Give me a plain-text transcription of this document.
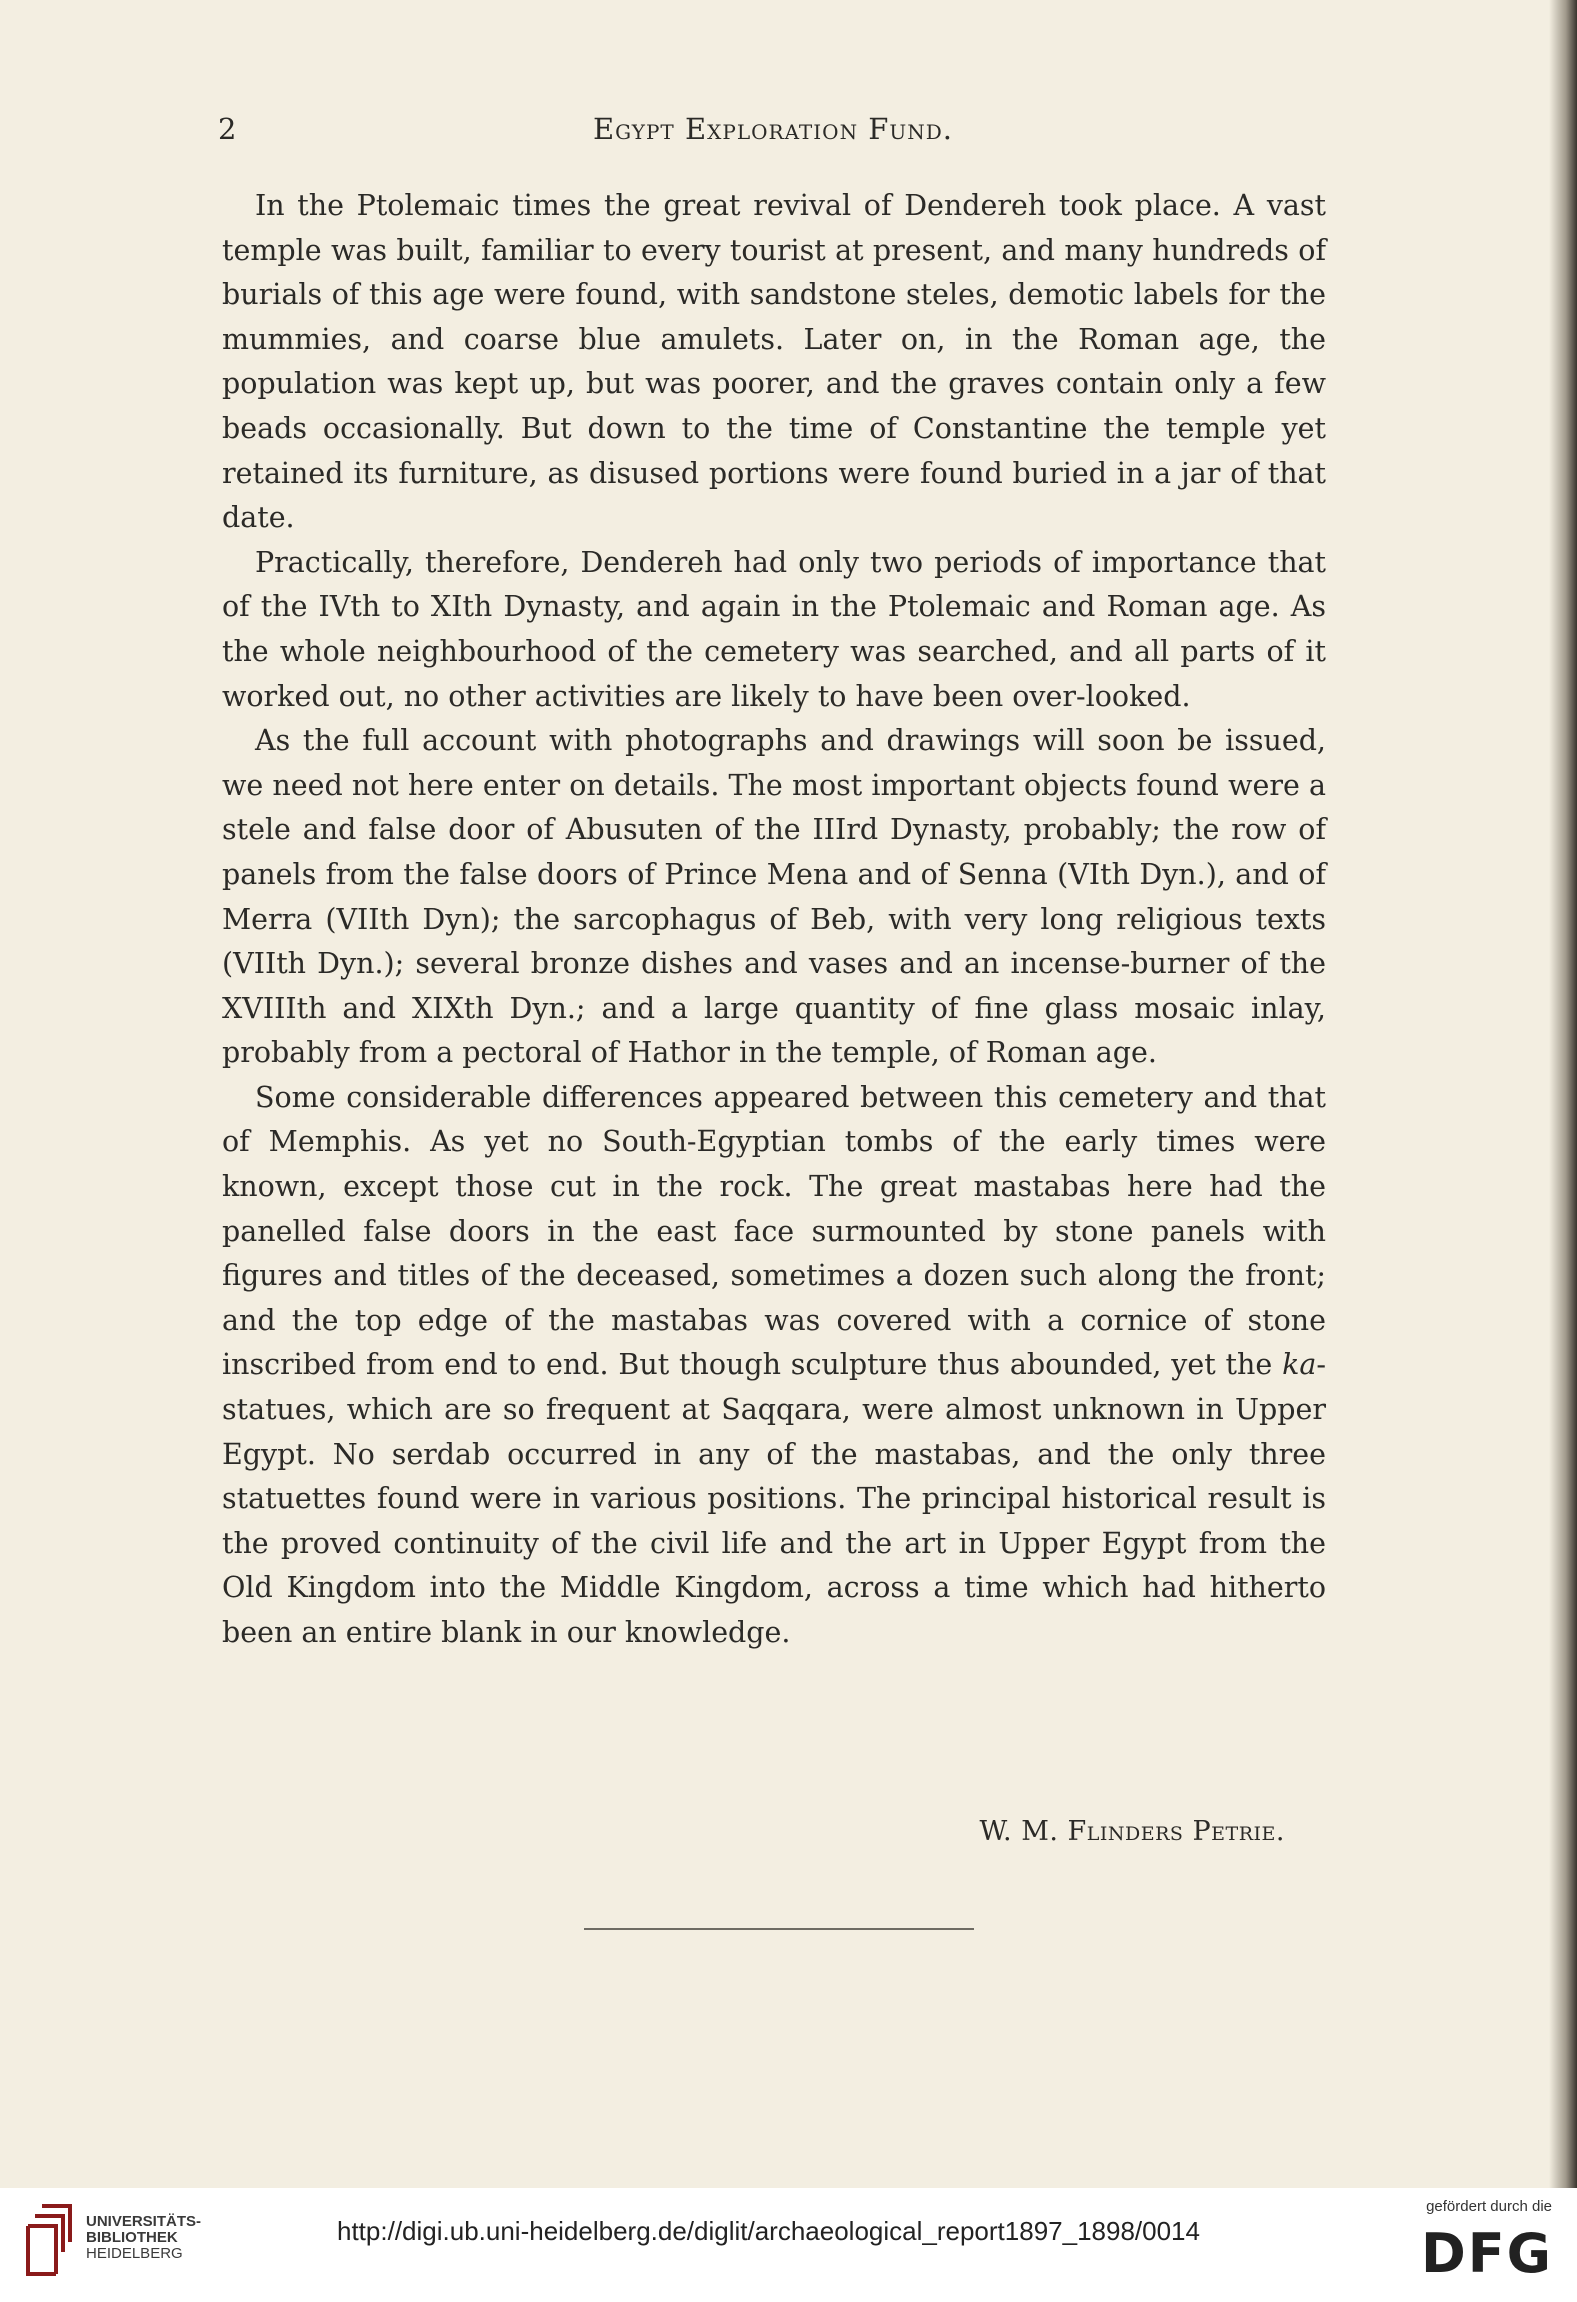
2	Egypt Exploration Fund.

In the Ptolemaic times the great revival of Dendereh took place. A vast temple was built, familiar to every tourist at present, and many hundreds of burials of this age were found, with sandstone steles, demotic labels for the mummies, and coarse blue amulets. Later on, in the Roman age, the population was kept up, but was poorer, and the graves contain only a few beads occasionally. But down to the time of Constantine the temple yet retained its furniture, as disused portions were found buried in a jar of that date.

Practically, therefore, Dendereh had only two periods of importance that of the IVth to XIth Dynasty, and again in the Ptolemaic and Roman age. As the whole neighbourhood of the cemetery was searched, and all parts of it worked out, no other activities are likely to have been over-looked.

As the full account with photographs and drawings will soon be issued, we need not here enter on details. The most important objects found were a stele and false door of Abusuten of the IIIrd Dynasty, probably; the row of panels from the false doors of Prince Mena and of Senna (VIth Dyn.), and of Merra (VIIth Dyn); the sarcophagus of Beb, with very long religious texts (VIIth Dyn.); several bronze dishes and vases and an incense-burner of the XVIIIth and XIXth Dyn.; and a large quantity of fine glass mosaic inlay, probably from a pectoral of Hathor in the temple, of Roman age.

Some considerable differences appeared between this cemetery and that of Memphis. As yet no South-Egyptian tombs of the early times were known, except those cut in the rock. The great mastabas here had the panelled false doors in the east face surmounted by stone panels with figures and titles of the deceased, sometimes a dozen such along the front; and the top edge of the mastabas was covered with a cornice of stone inscribed from end to end. But though sculpture thus abounded, yet the ka-statues, which are so frequent at Saqqara, were almost unknown in Upper Egypt. No serdab occurred in any of the mastabas, and the only three statuettes found were in various positions. The principal historical result is the proved continuity of the civil life and the art in Upper Egypt from the Old Kingdom into the Middle Kingdom, across a time which had hitherto been an entire blank in our knowledge.

W. M. Flinders Petrie.
UNIVERSITÄTS-
BIBLIOTHEK
HEIDELBERG
http://digi.ub.uni-heidelberg.de/diglit/archaeological_report1897_1898/0014
gefördert durch die
DFG
